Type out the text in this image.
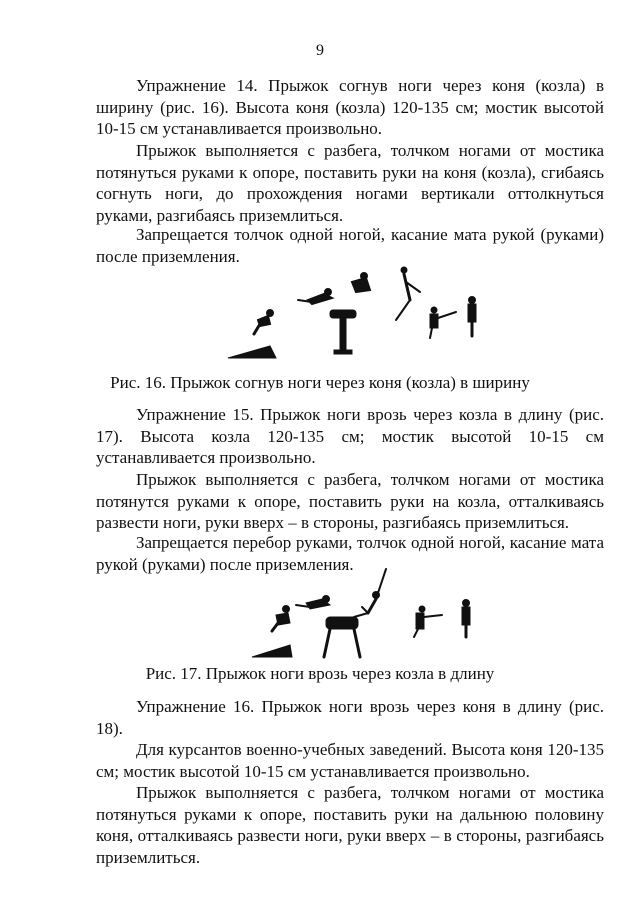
9

Упражнение 14. Прыжок согнув ноги через коня (козла) в ширину (рис. 16). Высота коня (козла) 120-135 см; мостик высотой 10-15 см устанавливается произвольно.

Прыжок выполняется с разбега, толчком ногами от мостика потянуться руками к опоре, поставить руки на коня (козла), сгибаясь согнуть ноги, до прохождения ногами вертикали оттолкнуться руками, разгибаясь приземлиться.

Запрещается толчок одной ногой, касание мата рукой (руками) после приземления.

Рис. 16. Прыжок согнув ноги через коня (козла) в ширину

Упражнение 15. Прыжок ноги врозь через козла в длину (рис. 17). Высота козла 120-135 см; мостик высотой 10-15 см устанавливается произвольно.

Прыжок выполняется с разбега, толчком ногами от мостика потянутся руками к опоре, поставить руки на козла, отталкиваясь развести ноги, руки вверх – в стороны, разгибаясь приземлиться.

Запрещается перебор руками, толчок одной ногой, касание мата рукой (руками) после приземления.

Рис. 17. Прыжок ноги врозь через козла в длину

Упражнение 16. Прыжок ноги врозь через коня в длину (рис. 18).

Для курсантов военно-учебных заведений. Высота коня 120-135 см; мостик высотой 10-15 см устанавливается произвольно.

Прыжок выполняется с разбега, толчком ногами от мостика потянуться руками к опоре, поставить руки на дальнюю половину коня, отталкиваясь развести ноги, руки вверх – в стороны, разгибаясь приземлиться.
